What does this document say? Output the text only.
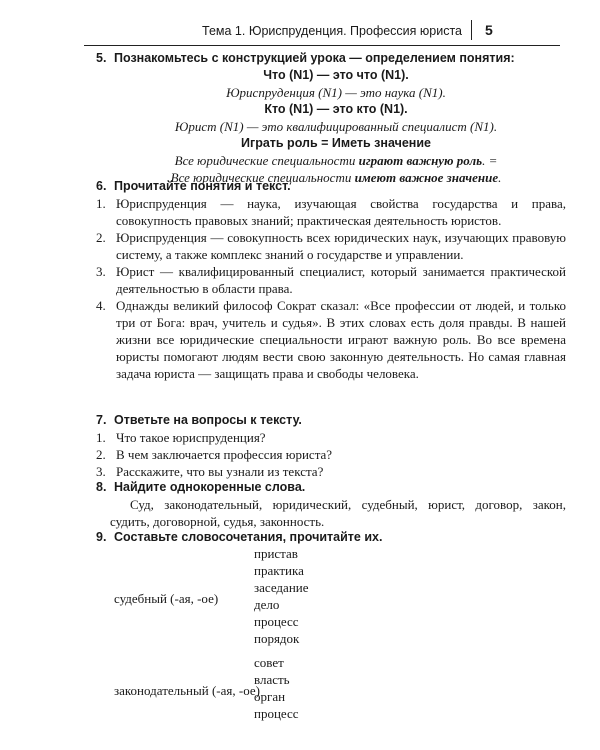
Тема 1. Юриспруденция. Профессия юриста 5

5. Познакомьтесь с конструкцией урока — определением понятия:

Что (N1) — это что (N1).
Юриспруденция (N1) — это наука (N1).
Кто (N1) — это кто (N1).
Юрист (N1) — это квалифицированный специалист (N1).
Играть роль = Иметь значение
Все юридические специальности играют важную роль. =
Все юридические специальности имеют важное значение.

6. Прочитайте понятия и текст.

1. Юриспруденция — наука, изучающая свойства государства и права, совокупность правовых знаний; практическая деятельность юристов.
2. Юриспруденция — совокупность всех юридических наук, изучающих правовую систему, а также комплекс знаний о государстве и управлении.
3. Юрист — квалифицированный специалист, который занимается практической деятельностью в области права.
4. Однажды великий философ Сократ сказал: «Все профессии от людей, и только три от Бога: врач, учитель и судья». В этих словах есть доля правды. В нашей жизни все юридические специальности играют важную роль. Во все времена юристы помогают людям вести свою законную деятельность. Но самая главная задача юриста — защищать права и свободы человека.

7. Ответьте на вопросы к тексту.

1. Что такое юриспруденция?
2. В чем заключается профессия юриста?
3. Расскажите, что вы узнали из текста?

8. Найдите однокоренные слова.

Суд, законодательный, юридический, судебный, юрист, договор, закон, судить, договорной, судья, законность.

9. Составьте словосочетания, прочитайте их.

судебный (-ая, -ое)
пристав
практика
заседание
дело
процесс
порядок
законодательный (-ая, -ое)
совет
власть
орган
процесс
